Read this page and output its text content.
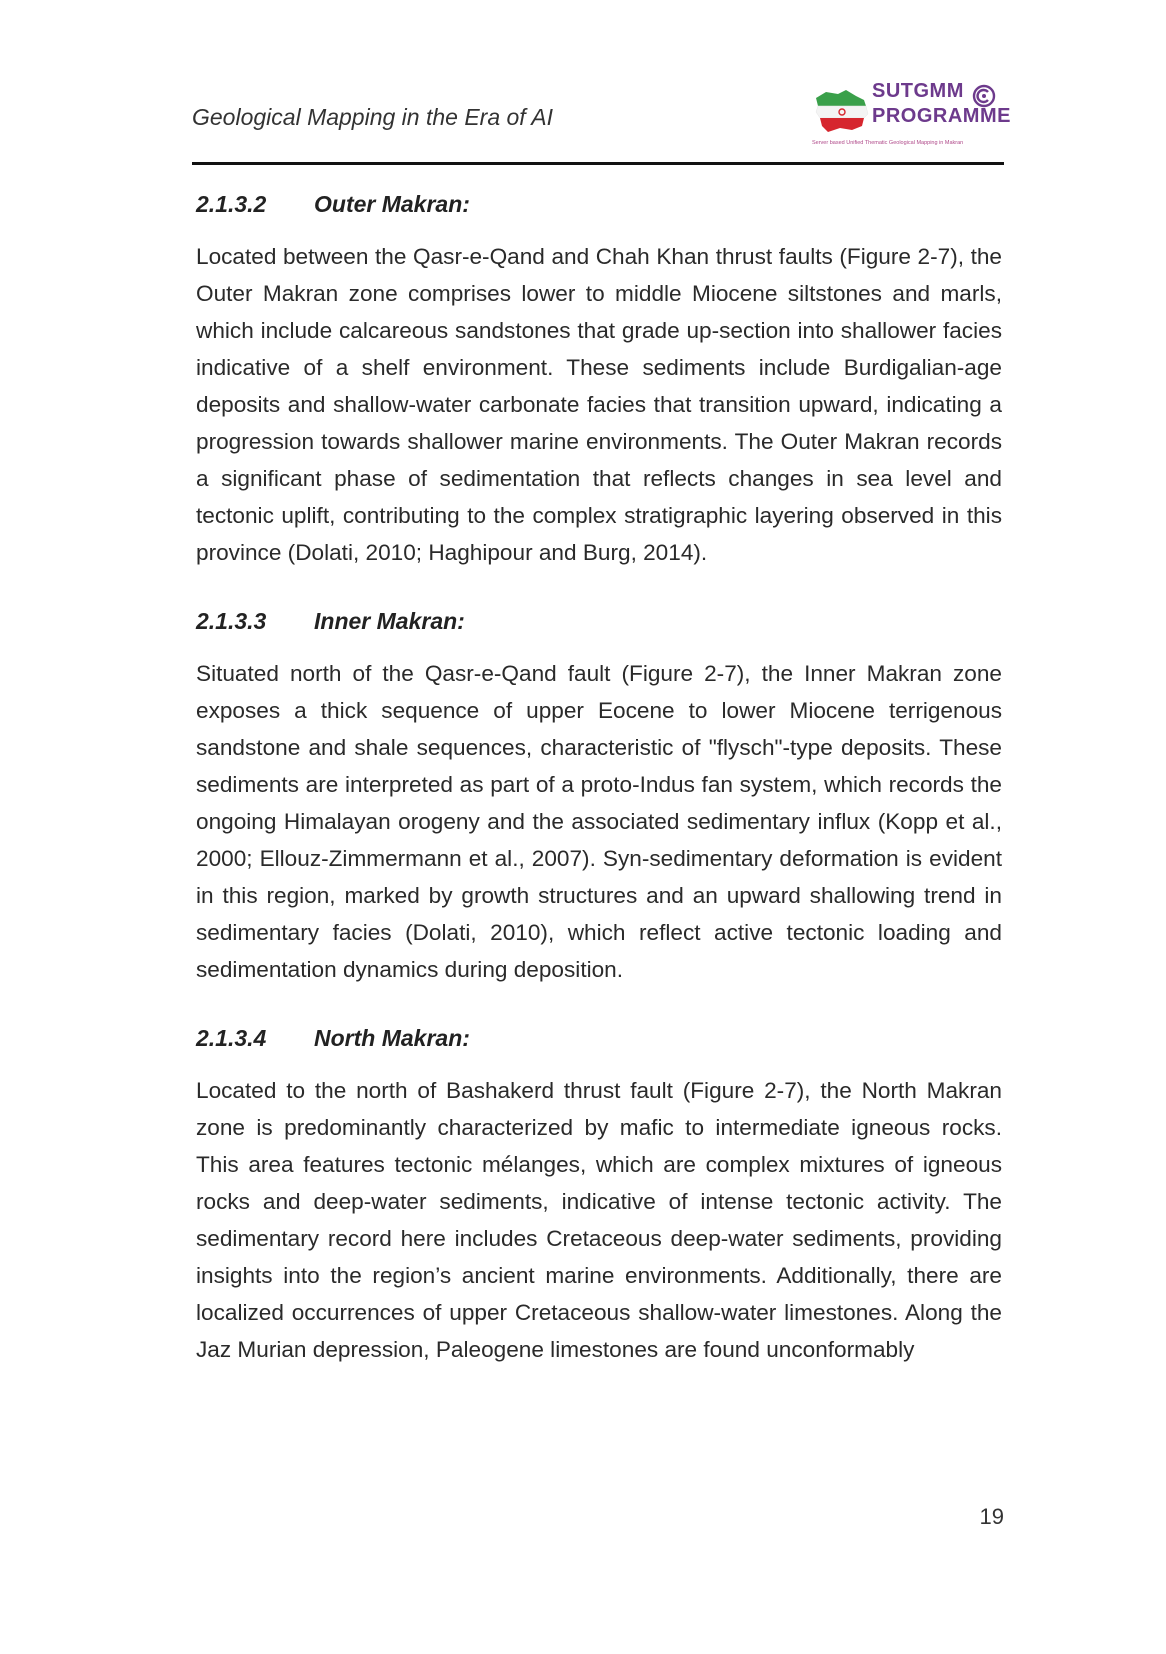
Geological Mapping in the Era of AI
SUTGMM
PROGRAMME
Server based Unified Thematic Geological Mapping in Makran
2.1.3.2	Outer Makran:

Located between the Qasr-e-Qand and Chah Khan thrust faults (Figure 2-7), the Outer Makran zone comprises lower to middle Miocene siltstones and marls, which include calcareous sandstones that grade up-section into shallower facies indicative of a shelf environment. These sediments include Burdigalian-age deposits and shallow-water carbonate facies that transition upward, indicating a progression towards shallower marine environments. The Outer Makran records a significant phase of sedimentation that reflects changes in sea level and tectonic uplift, contributing to the complex stratigraphic layering observed in this province (Dolati, 2010; Haghipour and Burg, 2014).

2.1.3.3	Inner Makran:

Situated north of the Qasr-e-Qand fault (Figure 2-7), the Inner Makran zone exposes a thick sequence of upper Eocene to lower Miocene terrigenous sandstone and shale sequences, characteristic of "flysch"-type deposits. These sediments are interpreted as part of a proto-Indus fan system, which records the ongoing Himalayan orogeny and the associated sedimentary influx (Kopp et al., 2000; Ellouz-Zimmermann et al., 2007). Syn-sedimentary deformation is evident in this region, marked by growth structures and an upward shallowing trend in sedimentary facies (Dolati, 2010), which reflect active tectonic loading and sedimentation dynamics during deposition.

2.1.3.4	North Makran:

Located to the north of Bashakerd thrust fault (Figure 2-7), the North Makran zone is predominantly characterized by mafic to intermediate igneous rocks. This area features tectonic mélanges, which are complex mixtures of igneous rocks and deep-water sediments, indicative of intense tectonic activity. The sedimentary record here includes Cretaceous deep-water sediments, providing insights into the region’s ancient marine environments. Additionally, there are localized occurrences of upper Cretaceous shallow-water limestones. Along the Jaz Murian depression, Paleogene limestones are found unconformably

19
